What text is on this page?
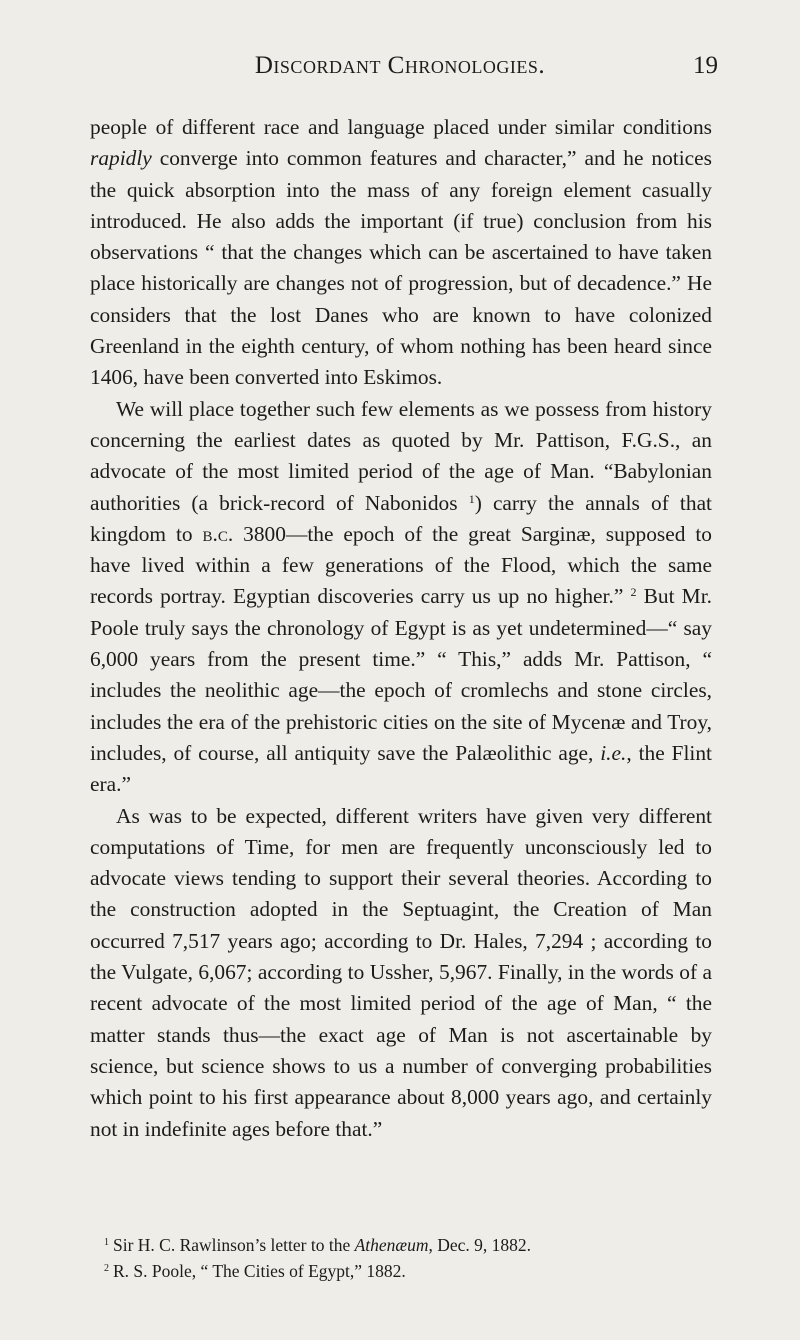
Discordant Chronologies.	19

people of different race and language placed under similar conditions rapidly converge into common features and character,” and he notices the quick absorption into the mass of any foreign element casually introduced. He also adds the important (if true) conclusion from his observations “ that the changes which can be ascertained to have taken place historically are changes not of progression, but of decadence.” He considers that the lost Danes who are known to have colonized Greenland in the eighth century, of whom nothing has been heard since 1406, have been converted into Eskimos.

We will place together such few elements as we possess from history concerning the earliest dates as quoted by Mr. Pattison, F.G.S., an advocate of the most limited period of the age of Man. “Babylonian authorities (a brick-record of Nabonidos $^1$) carry the annals of that kingdom to b.c. 3800—the epoch of the great Sarginæ, supposed to have lived within a few generations of the Flood, which the same records portray. Egyptian discoveries carry us up no higher.” $^2$ But Mr. Poole truly says the chronology of Egypt is as yet undetermined—“ say 6,000 years from the present time.” “ This,” adds Mr. Pattison, “ includes the neolithic age—the epoch of cromlechs and stone circles, includes the era of the prehistoric cities on the site of Mycenæ and Troy, includes, of course, all antiquity save the Palæolithic age, i.e., the Flint era.”

As was to be expected, different writers have given very different computations of Time, for men are frequently unconsciously led to advocate views tending to support their several theories. According to the construction adopted in the Septuagint, the Creation of Man occurred 7,517 years ago; according to Dr. Hales, 7,294 ; according to the Vulgate, 6,067; according to Ussher, 5,967. Finally, in the words of a recent advocate of the most limited period of the age of Man, “ the matter stands thus—the exact age of Man is not ascertainable by science, but science shows to us a number of converging probabilities which point to his first appearance about 8,000 years ago, and certainly not in indefinite ages before that.”

$^1$ Sir H. C. Rawlinson’s letter to the Athenæum, Dec. 9, 1882.
$^2$ R. S. Poole, “ The Cities of Egypt,” 1882.
